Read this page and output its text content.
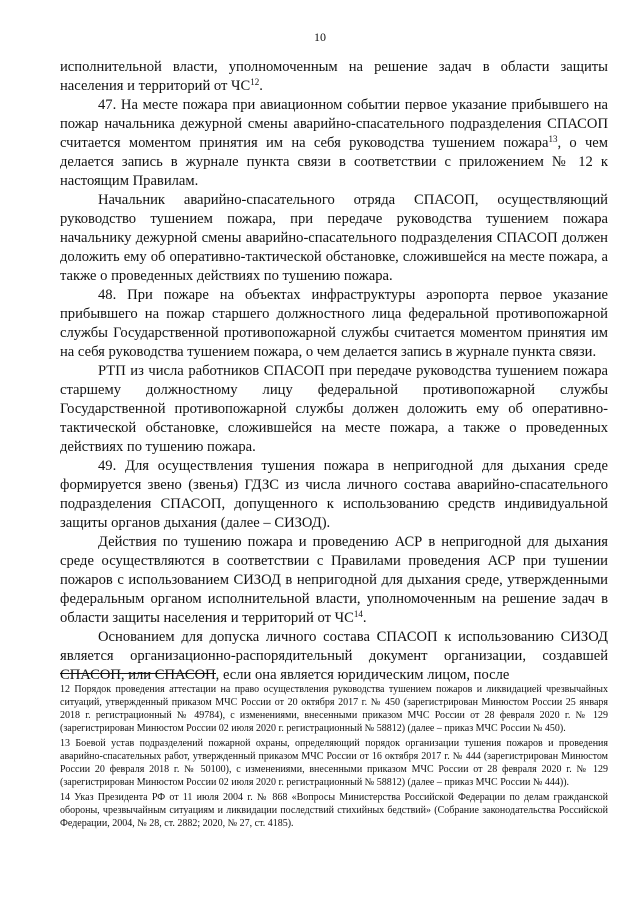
10

исполнительной власти, уполномоченным на решение задач в области защиты населения и территорий от ЧС$^{12}$.

47. На месте пожара при авиационном событии первое указание прибывшего на пожар начальника дежурной смены аварийно-спасательного подразделения СПАСОП считается моментом принятия им на себя руководства тушением пожара$^{13}$, о чем делается запись в журнале пункта связи в соответствии с приложением № 12 к настоящим Правилам.

Начальник аварийно-спасательного отряда СПАСОП, осуществляющий руководство тушением пожара, при передаче руководства тушением пожара начальнику дежурной смены аварийно-спасательного подразделения СПАСОП должен доложить ему об оперативно-тактической обстановке, сложившейся на месте пожара, а также о проведенных действиях по тушению пожара.

48. При пожаре на объектах инфраструктуры аэропорта первое указание прибывшего на пожар старшего должностного лица федеральной противопожарной службы Государственной противопожарной службы считается моментом принятия им на себя руководства тушением пожара, о чем делается запись в журнале пункта связи.

РТП из числа работников СПАСОП при передаче руководства тушением пожара старшему должностному лицу федеральной противопожарной службы Государственной противопожарной службы должен доложить ему об оперативно-тактической обстановке, сложившейся на месте пожара, а также о проведенных действиях по тушению пожара.

49. Для осуществления тушения пожара в непригодной для дыхания среде формируется звено (звенья) ГДЗС из числа личного состава аварийно-спасательного подразделения СПАСОП, допущенного к использованию средств индивидуальной защиты органов дыхания (далее – СИЗОД).

Действия по тушению пожара и проведению АСР в непригодной для дыхания среде осуществляются в соответствии с Правилами проведения АСР при тушении пожаров с использованием СИЗОД в непригодной для дыхания среде, утвержденными федеральным органом исполнительной власти, уполномоченным на решение задач в области защиты населения и территорий от ЧС$^{14}$.

Основанием для допуска личного состава СПАСОП к использованию СИЗОД является организационно-распорядительный документ организации, создавшей СПАСОП, или СПАСОП, если она является юридическим лицом, после

12 Порядок проведения аттестации на право осуществления руководства тушением пожаров и ликвидацией чрезвычайных ситуаций, утвержденный приказом МЧС России от 20 октября 2017 г. № 450 (зарегистрирован Минюстом России 25 января 2018 г. регистрационный № 49784), с изменениями, внесенными приказом МЧС России от 28 февраля 2020 г. № 129 (зарегистрирован Минюстом России 02 июля 2020 г. регистрационный № 58812) (далее – приказ МЧС России № 450).

13 Боевой устав подразделений пожарной охраны, определяющий порядок организации тушения пожаров и проведения аварийно-спасательных работ, утвержденный приказом МЧС России от 16 октября 2017 г. № 444 (зарегистрирован Минюстом России 20 февраля 2018 г. № 50100), с изменениями, внесенными приказом МЧС России от 28 февраля 2020 г. № 129 (зарегистрирован Минюстом России 02 июля 2020 г. регистрационный № 58812) (далее – приказ МЧС России № 444)).

14 Указ Президента РФ от 11 июля 2004 г. № 868 «Вопросы Министерства Российской Федерации по делам гражданской обороны, чрезвычайным ситуациям и ликвидации последствий стихийных бедствий» (Собрание законодательства Российской Федерации, 2004, № 28, ст. 2882; 2020, № 27, ст. 4185).
